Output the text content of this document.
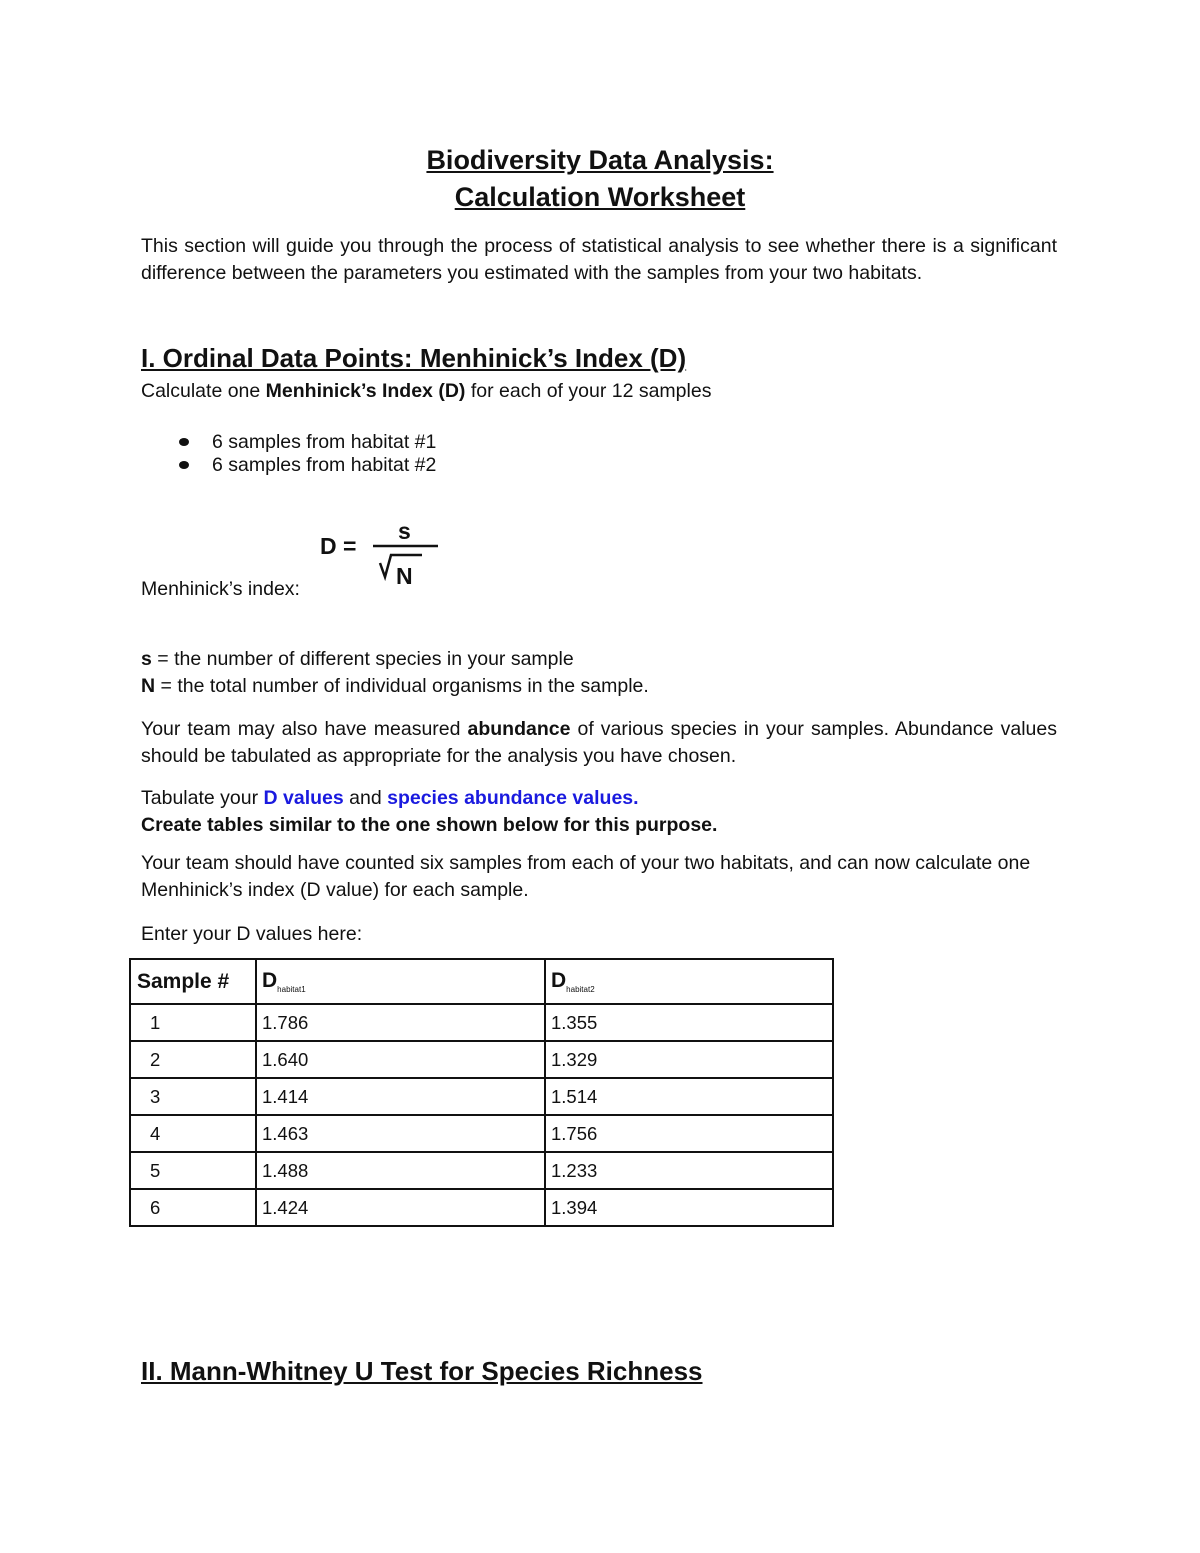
Biodiversity Data Analysis:
Calculation Worksheet

This section will guide you through the process of statistical analysis to see whether there is a significant difference between the parameters you estimated with the samples from your two habitats.

I. Ordinal Data Points: Menhinick’s Index (D)

Calculate one Menhinick’s Index (D) for each of your 12 samples

6 samples from habitat #1
6 samples from habitat #2
D =
s
N

Menhinick’s index:

s = the number of different species in your sample

N = the total number of individual organisms in the sample.

Your team may also have measured abundance of various species in your samples. Abundance values should be tabulated as appropriate for the analysis you have chosen.

Tabulate your D values and species abundance values.

Create tables similar to the one shown below for this purpose.

Your team should have counted six samples from each of your two habitats, and can now calculate one Menhinick’s index (D value) for each sample.

Enter your D values here:

Sample #	$D_{habitat1}$	$D_{habitat2}$
1	1.786	1.355
2	1.640	1.329
3	1.414	1.514
4	1.463	1.756
5	1.488	1.233
6	1.424	1.394
II. Mann-Whitney U Test for Species Richness
